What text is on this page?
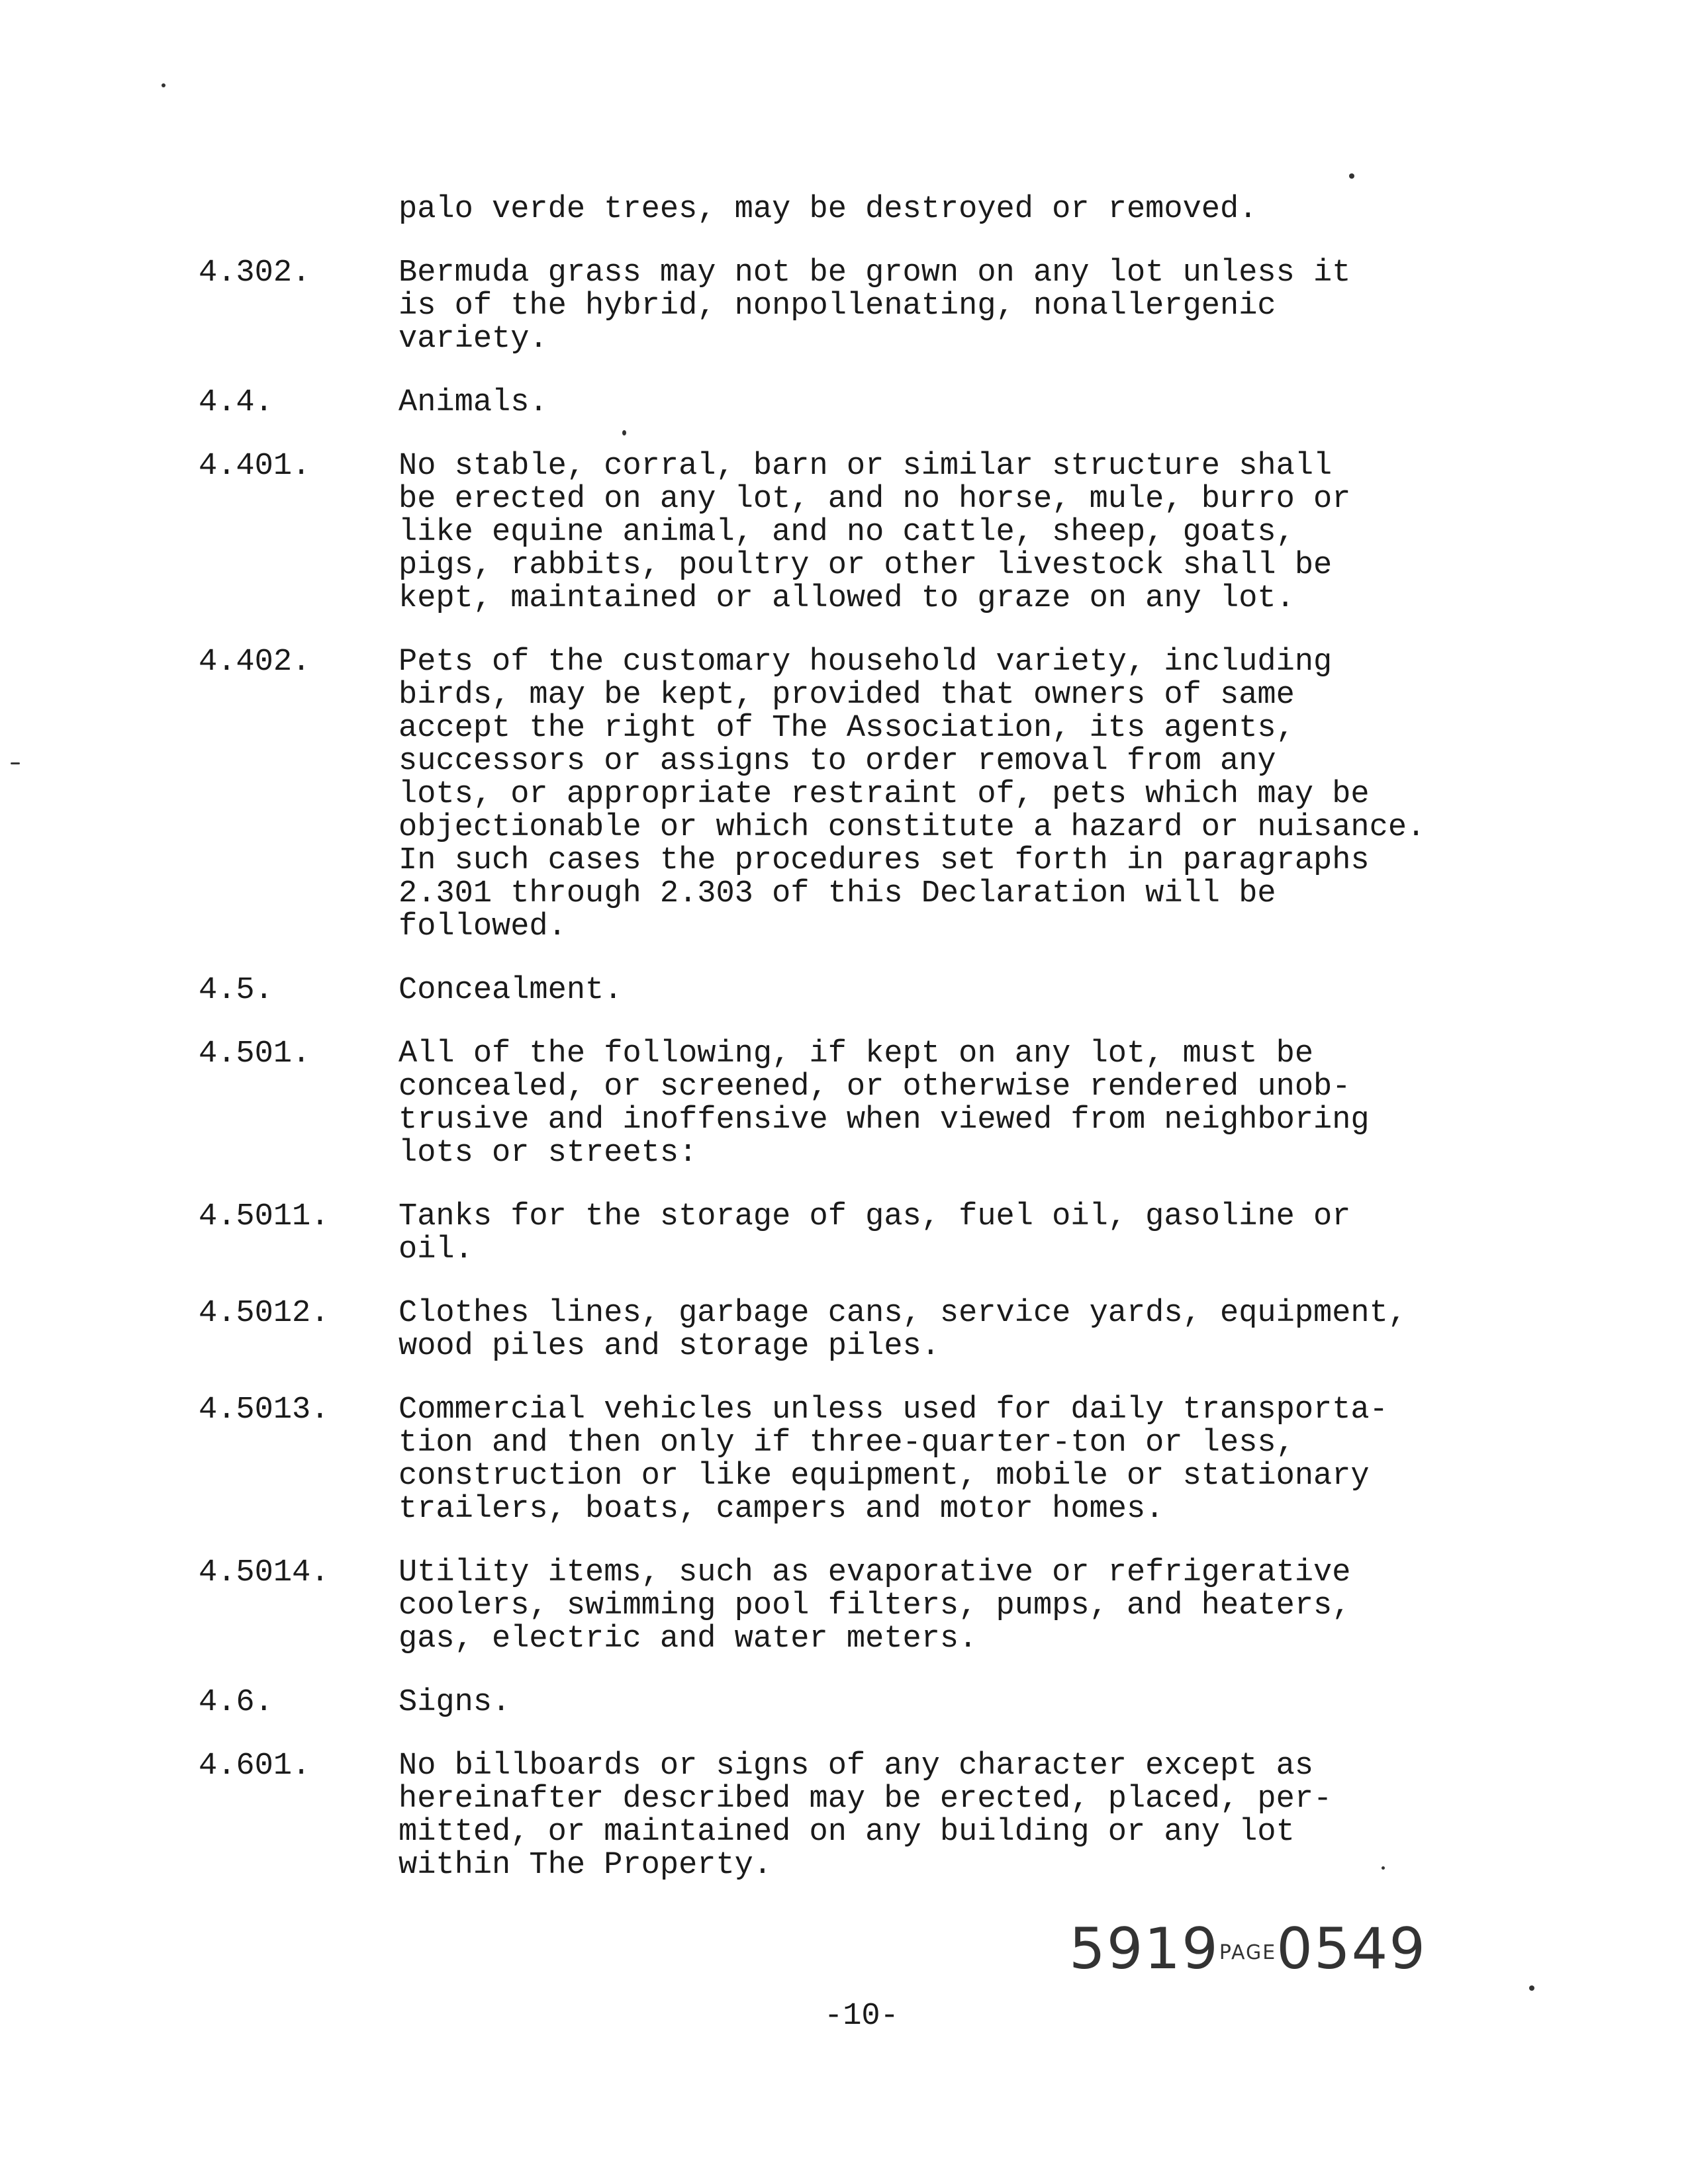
palo verde trees, may be destroyed or removed.
4.302.	Bermuda grass may not be grown on any lot unless it
is of the hybrid, nonpollenating, nonallergenic
variety.
4.4.	Animals.
4.401.	No stable, corral, barn or similar structure shall
be erected on any lot, and no horse, mule, burro or
like equine animal, and no cattle, sheep, goats,
pigs, rabbits, poultry or other livestock shall be
kept, maintained or allowed to graze on any lot.
4.402.	Pets of the customary household variety, including
birds, may be kept, provided that owners of same
accept the right of The Association, its agents,
successors or assigns to order removal from any
lots, or appropriate restraint of, pets which may be
objectionable or which constitute a hazard or nuisance.
In such cases the procedures set forth in paragraphs
2.301 through 2.303 of this Declaration will be
followed.
4.5.	Concealment.
4.501.	All of the following, if kept on any lot, must be
concealed, or screened, or otherwise rendered unob-
trusive and inoffensive when viewed from neighboring
lots or streets:
4.5011.	Tanks for the storage of gas, fuel oil, gasoline or
oil.
4.5012.	Clothes lines, garbage cans, service yards, equipment,
wood piles and storage piles.
4.5013.	Commercial vehicles unless used for daily transporta-
tion and then only if three-quarter-ton or less,
construction or like equipment, mobile or stationary
trailers, boats, campers and motor homes.
4.5014.	Utility items, such as evaporative or refrigerative
coolers, swimming pool filters, pumps, and heaters,
gas, electric and water meters.
4.6.	Signs.
4.601.	No billboards or signs of any character except as
hereinafter described may be erected, placed, per-
mitted, or maintained on any building or any lot
within The Property.
5919PAGE0549
-10-
